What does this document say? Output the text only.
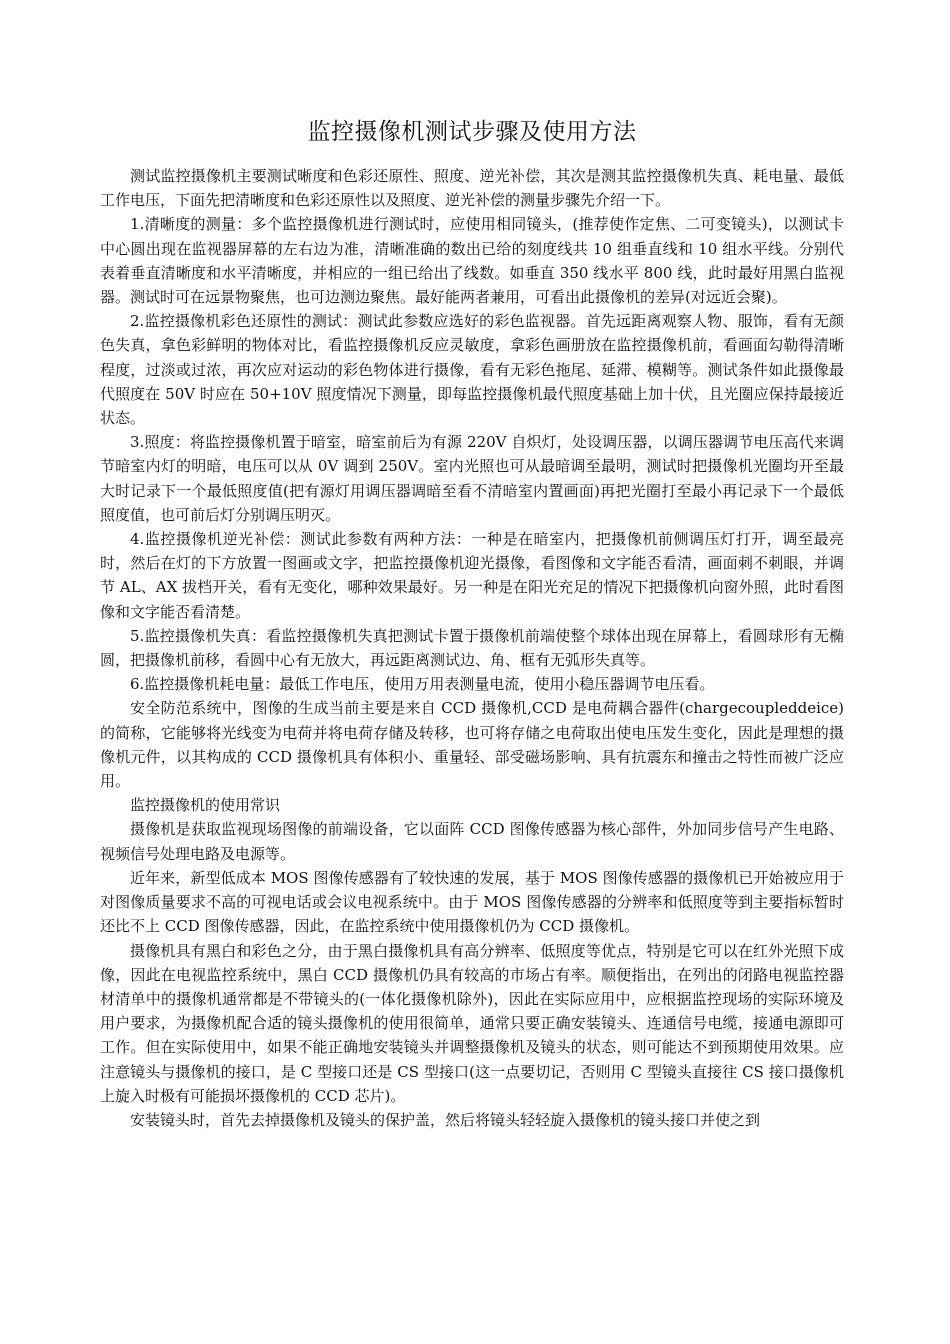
监控摄像机测试步骤及使用方法

测试监控摄像机主要测试晰度和色彩还原性、照度、逆光补偿，其次是测其监控摄像机失真、耗电量、最低工作电压，下面先把清晰度和色彩还原性以及照度、逆光补偿的测量步骤先介绍一下。

1.清晰度的测量：多个监控摄像机进行测试时，应使用相同镜头，(推荐使作定焦、二可变镜头)，以测试卡中心圆出现在监视器屏幕的左右边为准，清晰准确的数出已给的刻度线共 10 组垂直线和 10 组水平线。分别代表着垂直清晰度和水平清晰度，并相应的一组已给出了线数。如垂直 350 线水平 800 线，此时最好用黑白监视器。测试时可在远景物聚焦，也可边测边聚焦。最好能两者兼用，可看出此摄像机的差异(对远近会聚)。

2.监控摄像机彩色还原性的测试：测试此参数应选好的彩色监视器。首先远距离观察人物、服饰，看有无颜色失真，拿色彩鲜明的物体对比，看监控摄像机反应灵敏度，拿彩色画册放在监控摄像机前，看画面勾勒得清晰程度，过淡或过浓，再次应对运动的彩色物体进行摄像，看有无彩色拖尾、延滞、模糊等。测试条件如此摄像最代照度在 50V 时应在 50+10V 照度情况下测量，即每监控摄像机最代照度基础上加十伏，且光圈应保持最接近状态。

3.照度：将监控摄像机置于暗室，暗室前后为有源 220V 自炽灯，处设调压器，以调压器调节电压高代来调节暗室内灯的明暗，电压可以从 0V 调到 250V。室内光照也可从最暗调至最明，测试时把摄像机光圈均开至最大时记录下一个最低照度值(把有源灯用调压器调暗至看不清暗室内置画面)再把光圈打至最小再记录下一个最低照度值，也可前后灯分别调压明灭。

4.监控摄像机逆光补偿：测试此参数有两种方法：一种是在暗室内，把摄像机前侧调压灯打开，调至最亮时，然后在灯的下方放置一图画或文字，把监控摄像机迎光摄像，看图像和文字能否看清，画面刺不刺眼，并调节 AL、AX 拔档开关，看有无变化，哪种效果最好。另一种是在阳光充足的情况下把摄像机向窗外照，此时看图像和文字能否看清楚。

5.监控摄像机失真：看监控摄像机失真把测试卡置于摄像机前端使整个球体出现在屏幕上，看圆球形有无椭圆，把摄像机前移，看圆中心有无放大，再远距离测试边、角、框有无弧形失真等。

6.监控摄像机耗电量：最低工作电压，使用万用表测量电流，使用小稳压器调节电压看。

安全防范系统中，图像的生成当前主要是来自 CCD 摄像机,CCD 是电荷耦合器件(chargecoupleddeice)的简称，它能够将光线变为电荷并将电荷存储及转移，也可将存储之电荷取出使电压发生变化，因此是理想的摄像机元件，以其构成的 CCD 摄像机具有体积小、重量轻、部受磁场影响、具有抗震东和撞击之特性而被广泛应用。

监控摄像机的使用常识

摄像机是获取监视现场图像的前端设备，它以面阵 CCD 图像传感器为核心部件，外加同步信号产生电路、视频信号处理电路及电源等。

近年来，新型低成本 MOS 图像传感器有了较快速的发展，基于 MOS 图像传感器的摄像机已开始被应用于对图像质量要求不高的可视电话或会议电视系统中。由于 MOS 图像传感器的分辨率和低照度等到主要指标暂时还比不上 CCD 图像传感器，因此，在监控系统中使用摄像机仍为 CCD 摄像机。

摄像机具有黑白和彩色之分，由于黑白摄像机具有高分辨率、低照度等优点，特别是它可以在红外光照下成像，因此在电视监控系统中，黑白 CCD 摄像机仍具有较高的市场占有率。顺便指出，在列出的闭路电视监控器材清单中的摄像机通常都是不带镜头的(一体化摄像机除外)，因此在实际应用中，应根据监控现场的实际环境及用户要求，为摄像机配合适的镜头摄像机的使用很简单，通常只要正确安装镜头、连通信号电缆，接通电源即可工作。但在实际使用中，如果不能正确地安装镜头并调整摄像机及镜头的状态，则可能达不到预期使用效果。应注意镜头与摄像机的接口，是 C 型接口还是 CS 型接口(这一点要切记，否则用 C 型镜头直接往 CS 接口摄像机上旋入时极有可能损坏摄像机的 CCD 芯片)。

安装镜头时，首先去掉摄像机及镜头的保护盖，然后将镜头轻轻旋入摄像机的镜头接口并使之到
